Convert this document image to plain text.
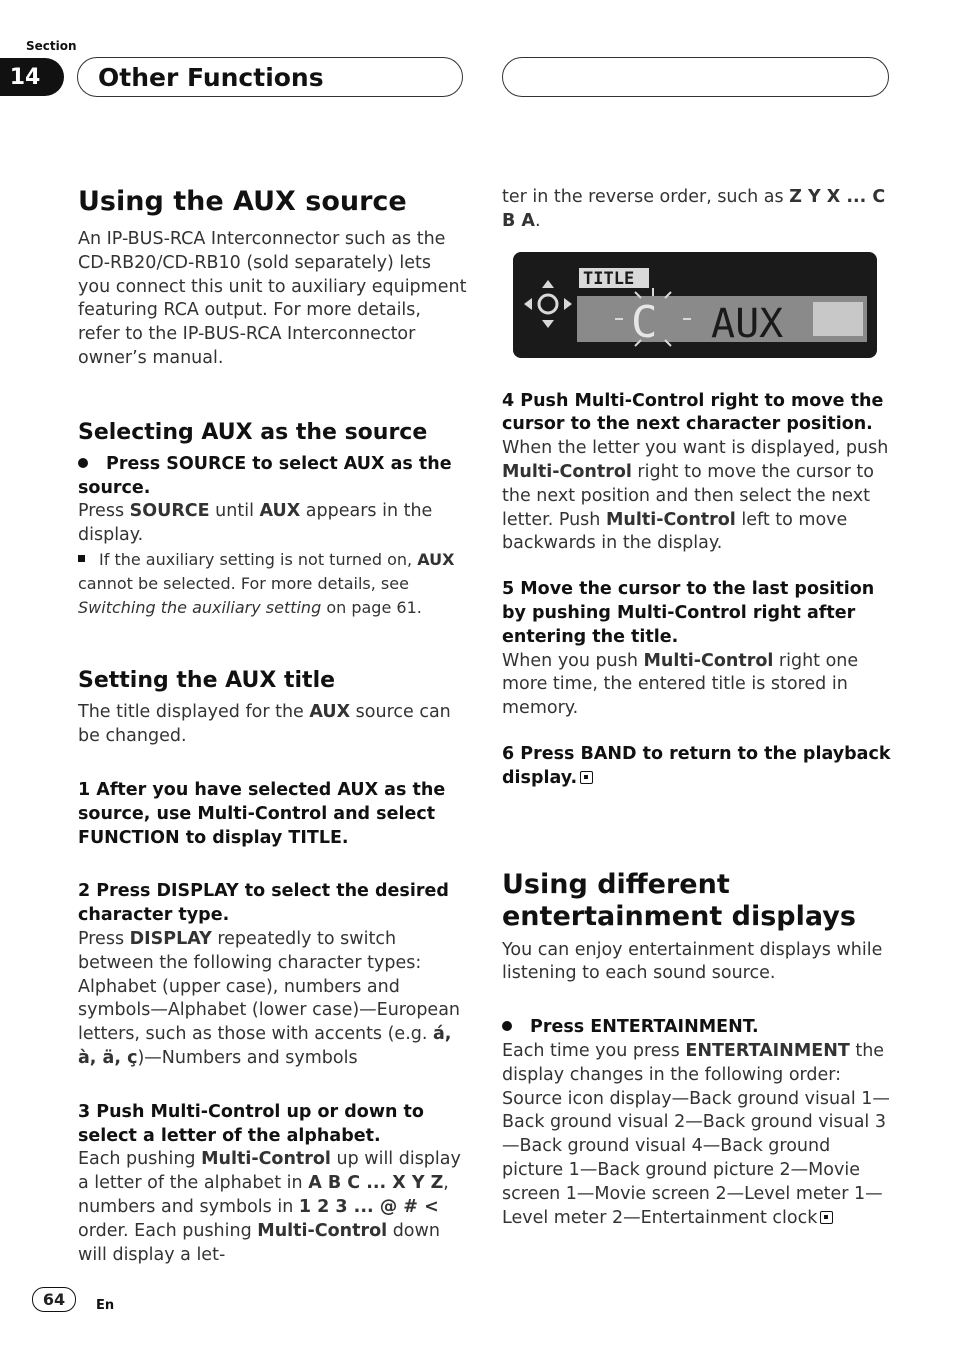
Section
14	Other Functions
Using the AUX source

An IP-BUS-RCA Interconnector such as the CD-RB20/CD-RB10 (sold separately) lets you connect this unit to auxiliary equipment featuring RCA output. For more details, refer to the IP-BUS-RCA Interconnector owner’s manual.

Selecting AUX as the source

Press SOURCE to select AUX as the source.

Press SOURCE until AUX appears in the display.

If the auxiliary setting is not turned on, AUX cannot be selected. For more details, see Switching the auxiliary setting on page 61.

Setting the AUX title

The title displayed for the AUX source can be changed.

1 After you have selected AUX as the source, use Multi-Control and select FUNCTION to display TITLE.

2 Press DISPLAY to select the desired character type.

Press DISPLAY repeatedly to switch between the following character types:

Alphabet (upper case), numbers and symbols—Alphabet (lower case)—European letters, such as those with accents (e.g. á, à, ä, ç)—Numbers and symbols

3 Push Multi-Control up or down to select a letter of the alphabet.

Each pushing Multi-Control up will display a letter of the alphabet in A B C ... X Y Z, numbers and symbols in 1 2 3 ... @ # < order. Each pushing Multi-Control down will display a let-

ter in the reverse order, such as Z Y X ... C B A.

TITLE
C AUX

4 Push Multi-Control right to move the cursor to the next character position.

When the letter you want is displayed, push Multi-Control right to move the cursor to the next position and then select the next letter. Push Multi-Control left to move backwards in the display.

5 Move the cursor to the last position by pushing Multi-Control right after entering the title.

When you push Multi-Control right one more time, the entered title is stored in memory.

6 Press BAND to return to the playback display.

Using different entertainment displays

You can enjoy entertainment displays while listening to each sound source.

Press ENTERTAINMENT.

Each time you press ENTERTAINMENT the display changes in the following order:

Source icon display—Back ground visual 1—Back ground visual 2—Back ground visual 3—Back ground visual 4—Back ground picture 1—Back ground picture 2—Movie screen 1—Movie screen 2—Level meter 1—Level meter 2—Entertainment clock

64	En
